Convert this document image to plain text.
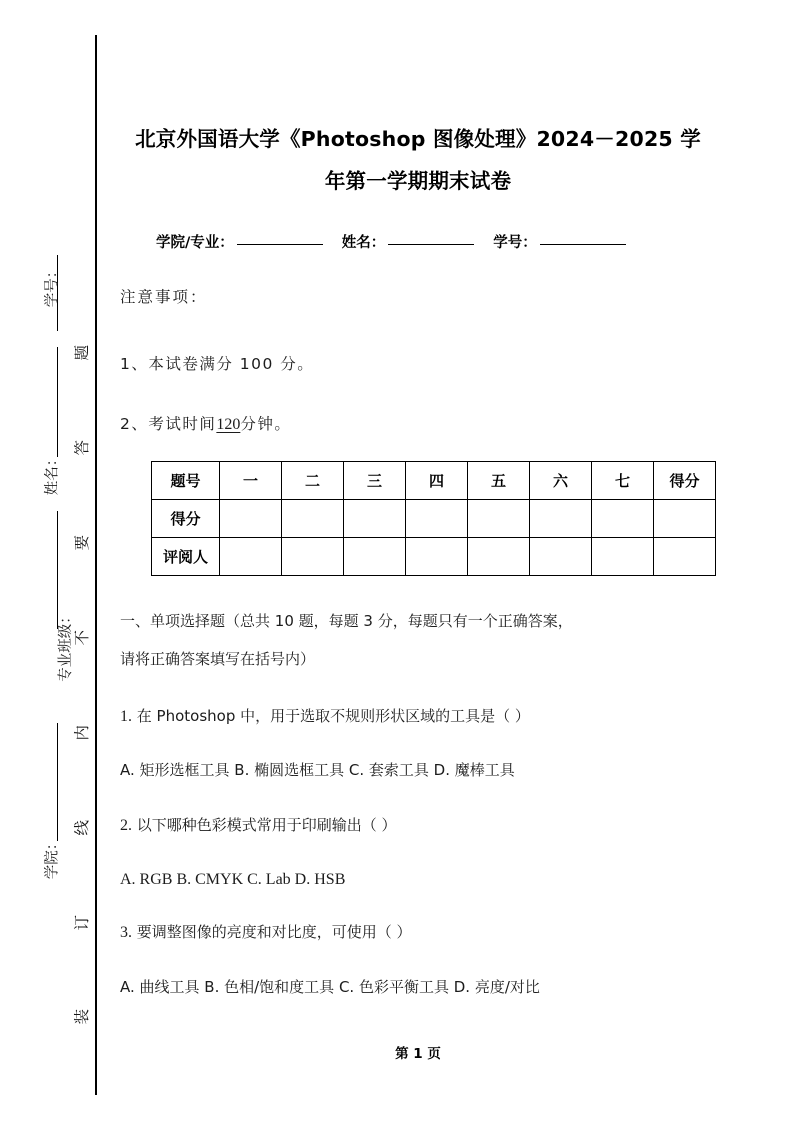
学号：
姓名：
专业班级：
学院：
题
答
要
不
内
线
订
装
北京外国语大学《Photoshop 图像处理》2024－2025 学
年第一学期期末试卷
学院/专业：	姓名：	学号：
注意事项：
1、本试卷满分 100 分。
2、考试时间120分钟。
题号	一	二	三	四	五	六	七	得分
得分								
评阅人								
一、单项选择题（总共 10 题，每题 3 分，每题只有一个正确答案，
请将正确答案填写在括号内）
1. 在 Photoshop 中，用于选取不规则形状区域的工具是（ ）
A. 矩形选框工具 B. 椭圆选框工具 C. 套索工具 D. 魔棒工具
2. 以下哪种色彩模式常用于印刷输出（ ）
A. RGB B. CMYK C. Lab D. HSB
3. 要调整图像的亮度和对比度，可使用（ ）
A. 曲线工具 B. 色相/饱和度工具 C. 色彩平衡工具 D. 亮度/对比
第 1 页
